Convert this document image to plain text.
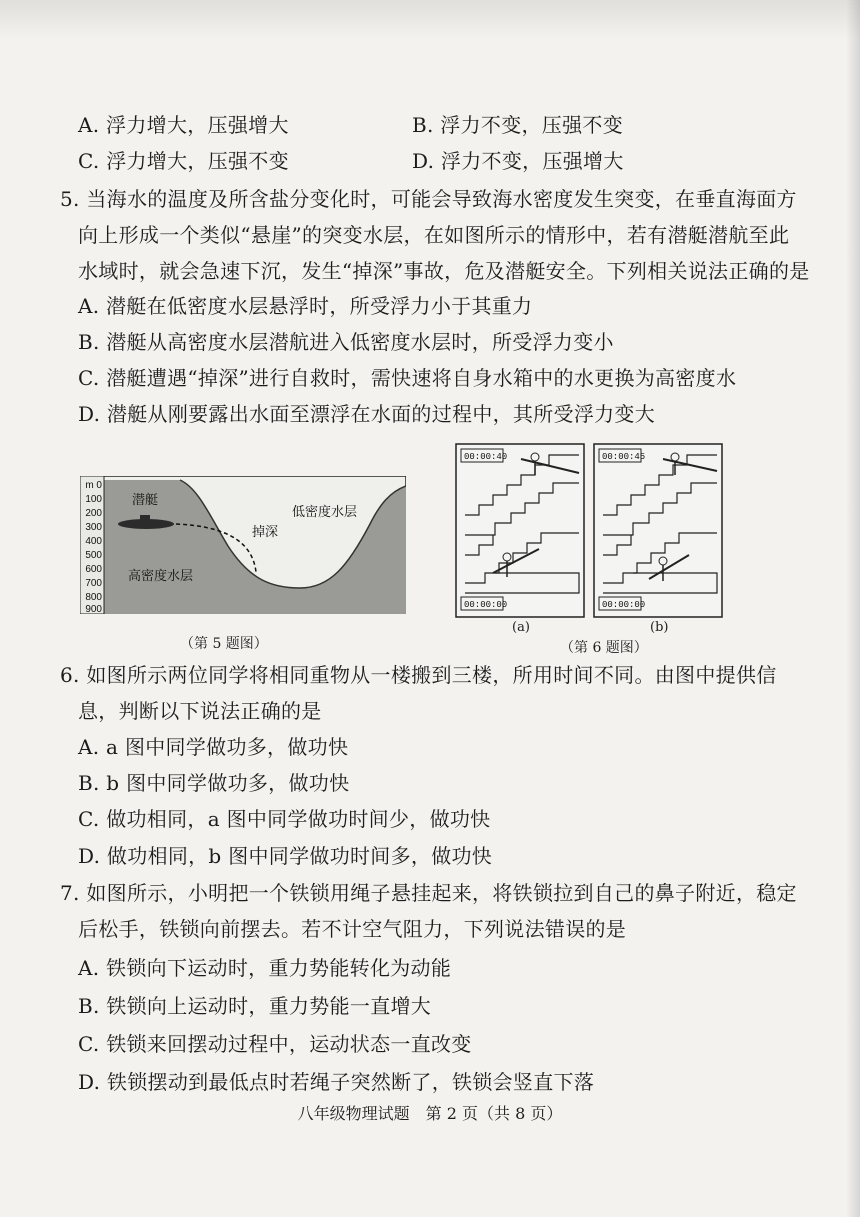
A. 浮力增大，压强增大	B. 浮力不变，压强不变
C. 浮力增大，压强不变	D. 浮力不变，压强增大
5. 当海水的温度及所含盐分变化时，可能会导致海水密度发生突变，在垂直海面方
向上形成一个类似“悬崖”的突变水层，在如图所示的情形中，若有潜艇潜航至此
水域时，就会急速下沉，发生“掉深”事故，危及潜艇安全。下列相关说法正确的是
A. 潜艇在低密度水层悬浮时，所受浮力小于其重力
B. 潜艇从高密度水层潜航进入低密度水层时，所受浮力变小
C. 潜艇遭遇“掉深”进行自救时，需快速将自身水箱中的水更换为高密度水
D. 潜艇从刚要露出水面至漂浮在水面的过程中，其所受浮力变大
m 0
100
200
300
400
500
600
700
800
900
潜艇
掉深
低密度水层
高密度水层
（第 5 题图）
00:00:40
00:00:00
(a)
00:00:45
00:00:00
(b)
（第 6 题图）
6. 如图所示两位同学将相同重物从一楼搬到三楼，所用时间不同。由图中提供信
息，判断以下说法正确的是
A. a 图中同学做功多，做功快
B. b 图中同学做功多，做功快
C. 做功相同，a 图中同学做功时间少，做功快
D. 做功相同，b 图中同学做功时间多，做功快
7. 如图所示，小明把一个铁锁用绳子悬挂起来，将铁锁拉到自己的鼻子附近，稳定
后松手，铁锁向前摆去。若不计空气阻力，下列说法错误的是
A. 铁锁向下运动时，重力势能转化为动能
B. 铁锁向上运动时，重力势能一直增大
C. 铁锁来回摆动过程中，运动状态一直改变
D. 铁锁摆动到最低点时若绳子突然断了，铁锁会竖直下落
八年级物理试题　第 2 页（共 8 页）
